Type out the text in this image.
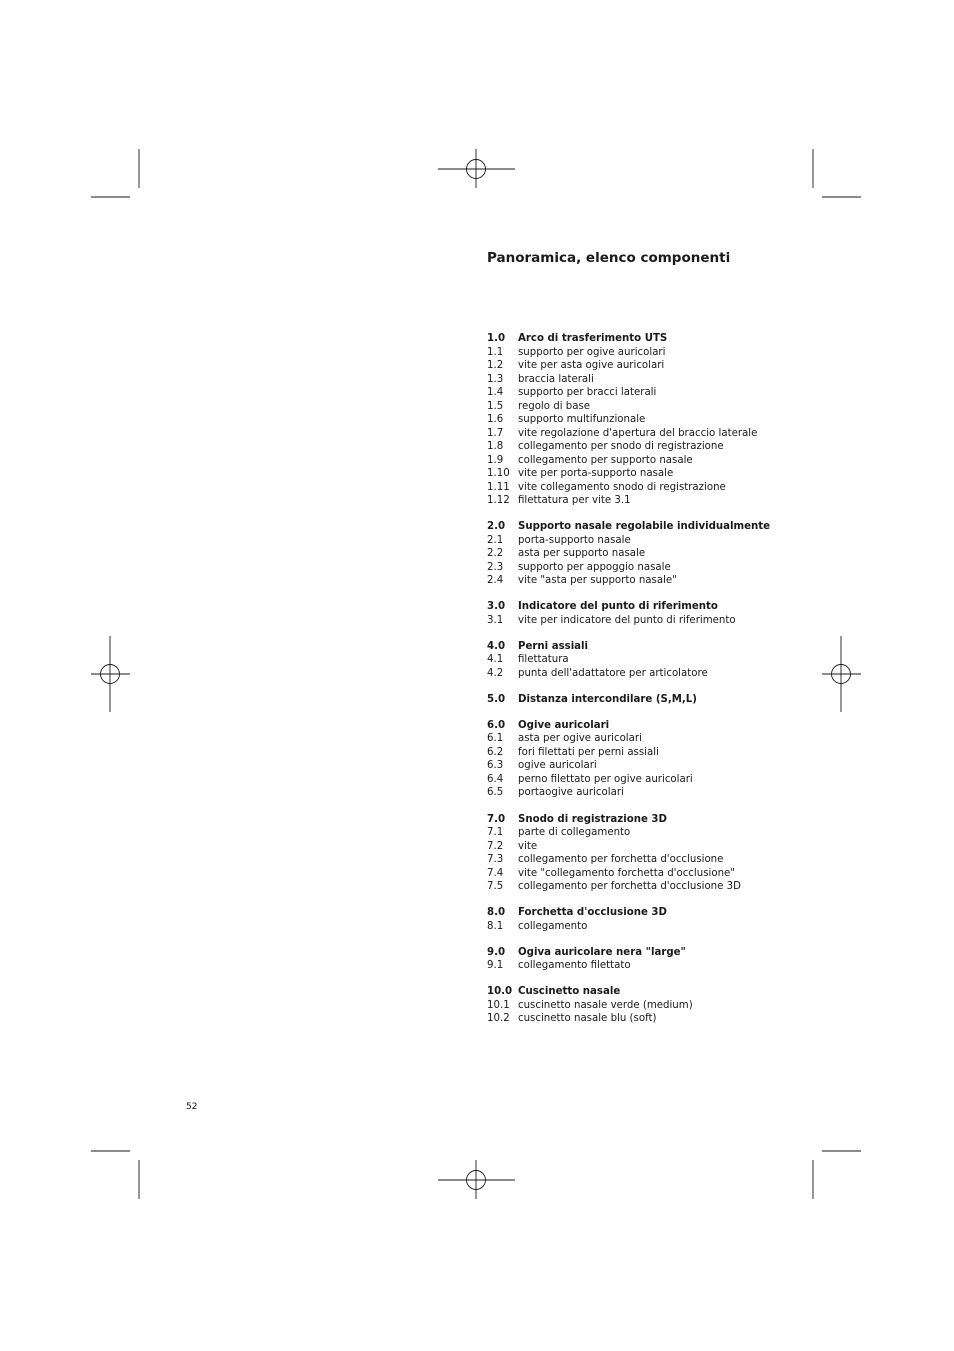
Panoramica, elenco componenti
1.0	Arco di trasferimento UTS
1.1	supporto per ogive auricolari
1.2	vite per asta ogive auricolari
1.3	braccia laterali
1.4	supporto per bracci laterali
1.5	regolo di base
1.6	supporto multifunzionale
1.7	vite regolazione d'apertura del braccio laterale
1.8	collegamento per snodo di registrazione
1.9	collegamento per supporto nasale
1.10 vite per porta-supporto nasale
1.11 vite collegamento snodo di registrazione
1.12 filettatura per vite 3.1
2.0	Supporto nasale regolabile individualmente
2.1	porta-supporto nasale
2.2	asta per supporto nasale
2.3	supporto per appoggio nasale
2.4	vite "asta per supporto nasale"
3.0	Indicatore del punto di riferimento
3.1	vite per indicatore del punto di riferimento
4.0	Perni assiali
4.1	filettatura
4.2	punta dell'adattatore per articolatore
5.0	Distanza intercondilare (S,M,L)
6.0	Ogive auricolari
6.1	asta per ogive auricolari
6.2	fori filettati per perni assiali
6.3	ogive auricolari
6.4	perno filettato per ogive auricolari
6.5	portaogive auricolari
7.0	Snodo di registrazione 3D
7.1	parte di collegamento
7.2	vite
7.3	collegamento per forchetta d'occlusione
7.4	vite "collegamento forchetta d'occlusione"
7.5	collegamento per forchetta d'occlusione 3D
8.0	Forchetta d'occlusione 3D
8.1	collegamento
9.0	Ogiva auricolare nera "large"
9.1	collegamento filettato
10.0 Cuscinetto nasale
10.1 cuscinetto nasale verde (medium)
10.2 cuscinetto nasale blu (soft)
52
